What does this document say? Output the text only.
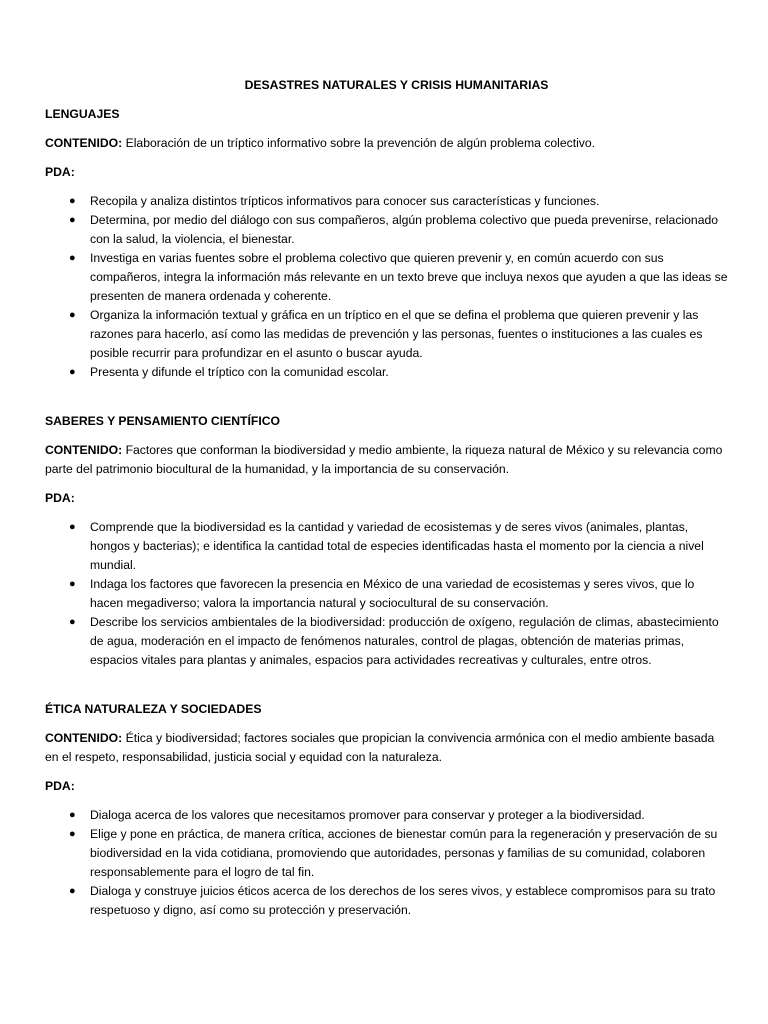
DESASTRES NATURALES Y CRISIS HUMANITARIAS
LENGUAJES
CONTENIDO: Elaboración de un tríptico informativo sobre la prevención de algún problema colectivo.
PDA:
● Recopila y analiza distintos trípticos informativos para conocer sus características y funciones.
● Determina, por medio del diálogo con sus compañeros, algún problema colectivo que pueda prevenirse, relacionado con la salud, la violencia, el bienestar.
● Investiga en varias fuentes sobre el problema colectivo que quieren prevenir y, en común acuerdo con sus compañeros, integra la información más relevante en un texto breve que incluya nexos que ayuden a que las ideas se presenten de manera ordenada y coherente.
● Organiza la información textual y gráfica en un tríptico en el que se defina el problema que quieren prevenir y las razones para hacerlo, así como las medidas de prevención y las personas, fuentes o instituciones a las cuales es posible recurrir para profundizar en el asunto o buscar ayuda.
● Presenta y difunde el tríptico con la comunidad escolar.
SABERES Y PENSAMIENTO CIENTÍFICO
CONTENIDO: Factores que conforman la biodiversidad y medio ambiente, la riqueza natural de México y su relevancia como parte del patrimonio biocultural de la humanidad, y la importancia de su conservación.
PDA:
● Comprende que la biodiversidad es la cantidad y variedad de ecosistemas y de seres vivos (animales, plantas, hongos y bacterias); e identifica la cantidad total de especies identificadas hasta el momento por la ciencia a nivel mundial.
● Indaga los factores que favorecen la presencia en México de una variedad de ecosistemas y seres vivos, que lo hacen megadiverso; valora la importancia natural y sociocultural de su conservación.
● Describe los servicios ambientales de la biodiversidad: producción de oxígeno, regulación de climas, abastecimiento de agua, moderación en el impacto de fenómenos naturales, control de plagas, obtención de materias primas, espacios vitales para plantas y animales, espacios para actividades recreativas y culturales, entre otros.
ÉTICA NATURALEZA Y SOCIEDADES
CONTENIDO: Ética y biodiversidad; factores sociales que propician la convivencia armónica con el medio ambiente basada en el respeto, responsabilidad, justicia social y equidad con la naturaleza.
PDA:
● Dialoga acerca de los valores que necesitamos promover para conservar y proteger a la biodiversidad.
● Elige y pone en práctica, de manera crítica, acciones de bienestar común para la regeneración y preservación de su biodiversidad en la vida cotidiana, promoviendo que autoridades, personas y familias de su comunidad, colaboren responsablemente para el logro de tal fin.
● Dialoga y construye juicios éticos acerca de los derechos de los seres vivos, y establece compromisos para su trato respetuoso y digno, así como su protección y preservación.
